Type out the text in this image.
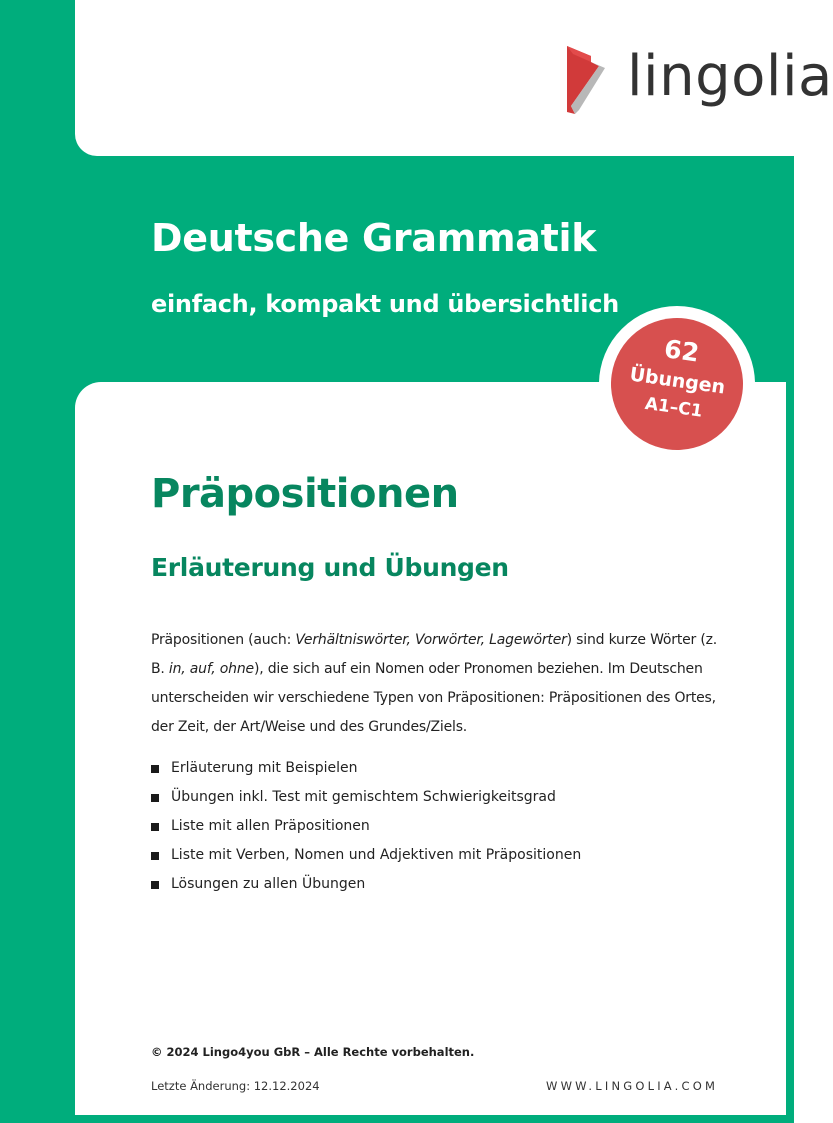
lingolia
Deutsche Grammatik
einfach, kompakt und übersichtlich
62
Übungen
A1–C1
Präpositionen
Erläuterung und Übungen

Präpositionen (auch: Verhältniswörter, Vorwörter, Lagewörter) sind kurze Wörter (z. B. in, auf, ohne), die sich auf ein Nomen oder Pronomen beziehen. Im Deutschen unterscheiden wir verschiedene Typen von Präpositionen: Präpositionen des Ortes, der Zeit, der Art/Weise und des Grundes/Ziels.

Erläuterung mit Beispielen
Übungen inkl. Test mit gemischtem Schwierigkeitsgrad
Liste mit allen Präpositionen
Liste mit Verben, Nomen und Adjektiven mit Präpositionen
Lösungen zu allen Übungen

© 2024 Lingo4you GbR – Alle Rechte vorbehalten.

Letzte Änderung: 12.12.2024	WWW.LINGOLIA.COM
